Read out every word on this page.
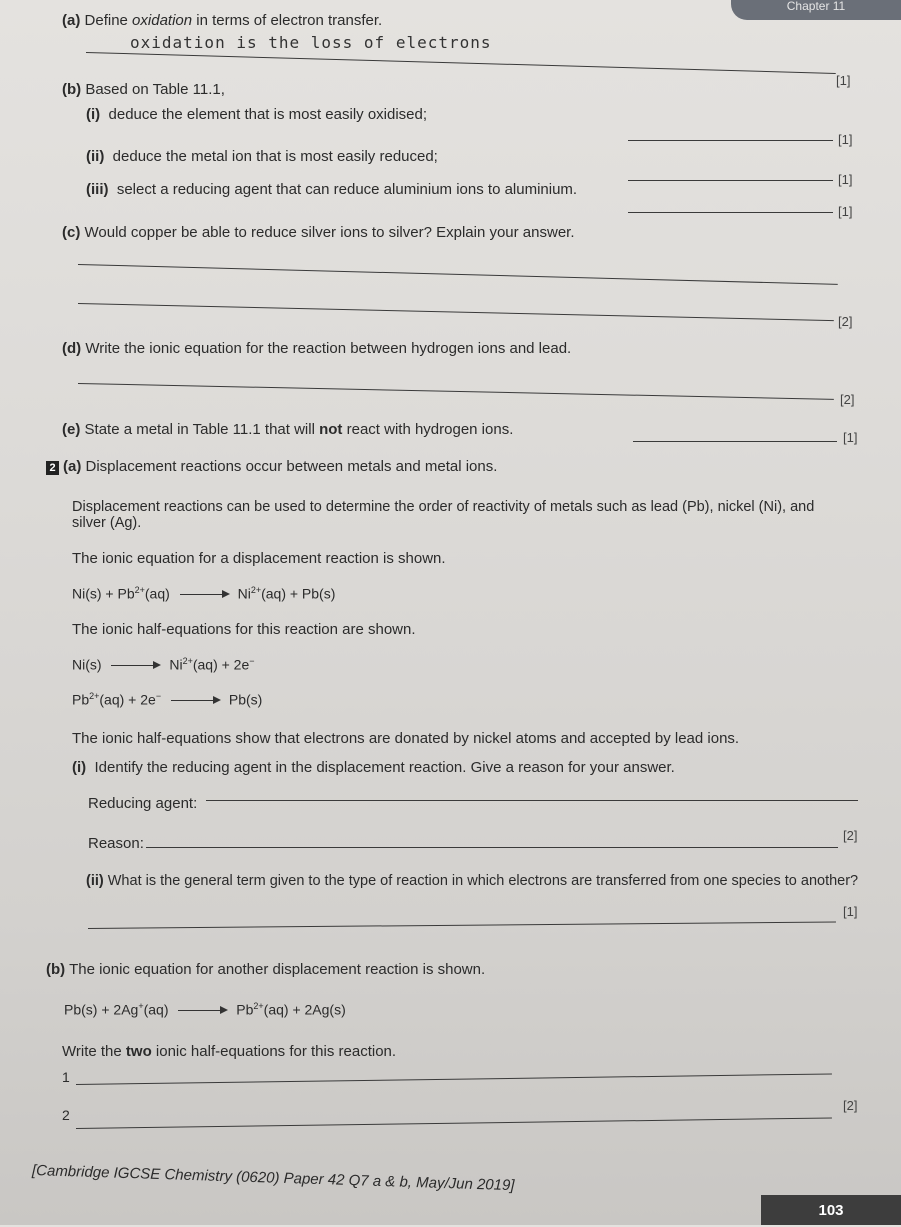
Chapter 11
(a) Define oxidation in terms of electron transfer.
oxidation is the loss of electrons
[1]
(b) Based on Table 11.1,
(i) deduce the element that is most easily oxidised;
[1]
(ii) deduce the metal ion that is most easily reduced;
[1]
(iii) select a reducing agent that can reduce aluminium ions to aluminium.
[1]
(c) Would copper be able to reduce silver ions to silver? Explain your answer.
[2]
(d) Write the ionic equation for the reaction between hydrogen ions and lead.
[2]
(e) State a metal in Table 11.1 that will not react with hydrogen ions.	[1]
2 (a) Displacement reactions occur between metals and metal ions.
Displacement reactions can be used to determine the order of reactivity of metals such as lead (Pb), nickel (Ni), and
silver (Ag).
The ionic equation for a displacement reaction is shown.
$Ni(s) + Pb^{2+}(aq)$	$Ni^{2+}(aq) + Pb(s)$
The ionic half-equations for this reaction are shown.
Ni(s)	$Ni^{2+}(aq) + 2e^-$
$Pb^{2+}(aq) + 2e^-$	Pb(s)
The ionic half-equations show that electrons are donated by nickel atoms and accepted by lead ions.
(i) Identify the reducing agent in the displacement reaction. Give a reason for your answer.
Reducing agent:
Reason:	[2]
(ii) What is the general term given to the type of reaction in which electrons are transferred from one species to another?
[1]
(b) The ionic equation for another displacement reaction is shown.
Pb(s) + 2Ag+(aq)	$Pb^{2+}(aq) + 2Ag(s)$
Write the two ionic half-equations for this reaction.
1
2
[2]
[Cambridge IGCSE Chemistry (0620) Paper 42 Q7 a & b, May/Jun 2019]
103
